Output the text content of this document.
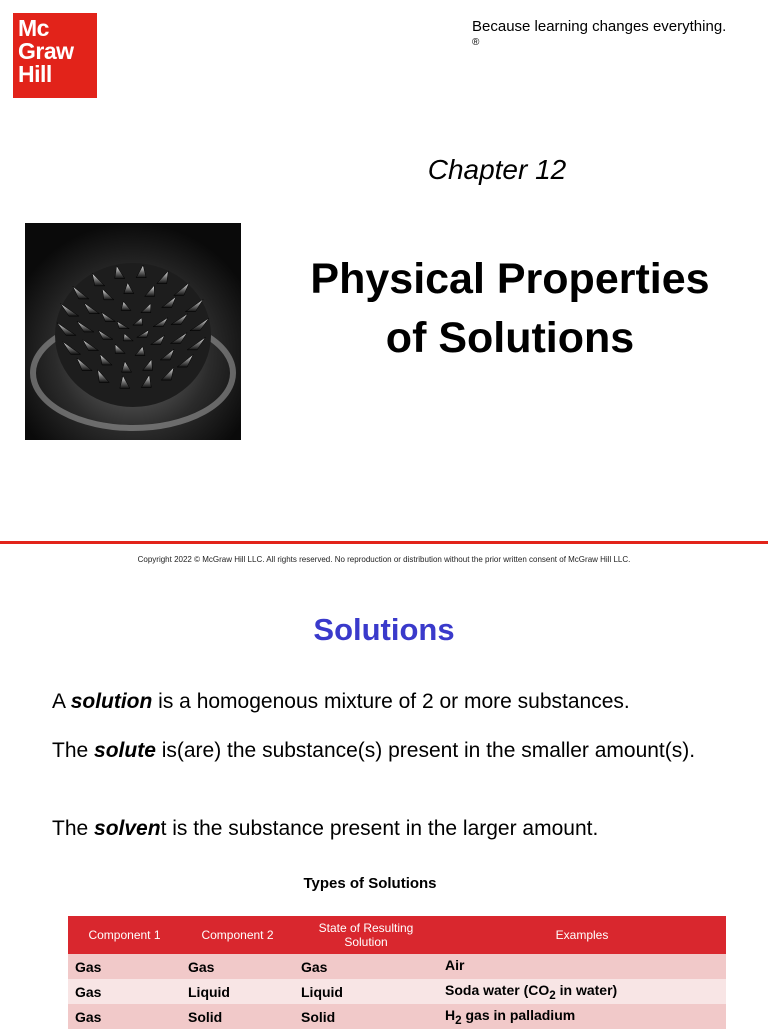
Mc
Graw
Hill
Because learning changes everything.
®
Chapter 12
Physical Properties
of Solutions
Copyright 2022 © McGraw Hill LLC. All rights reserved. No reproduction or distribution without the prior written consent of McGraw Hill LLC.
Solutions
A solution is a homogenous mixture of 2 or more substances.
The solute is(are) the substance(s) present in the smaller amount(s).
The solvent is the substance present in the larger amount.
Types of Solutions
Component 1	Component 2	State of Resulting Solution	Examples
Gas	Gas	Gas	Air
Gas	Liquid	Liquid	Soda water ($CO_2$ in water)
Gas	Solid	Solid	$H_2$ gas in palladium
